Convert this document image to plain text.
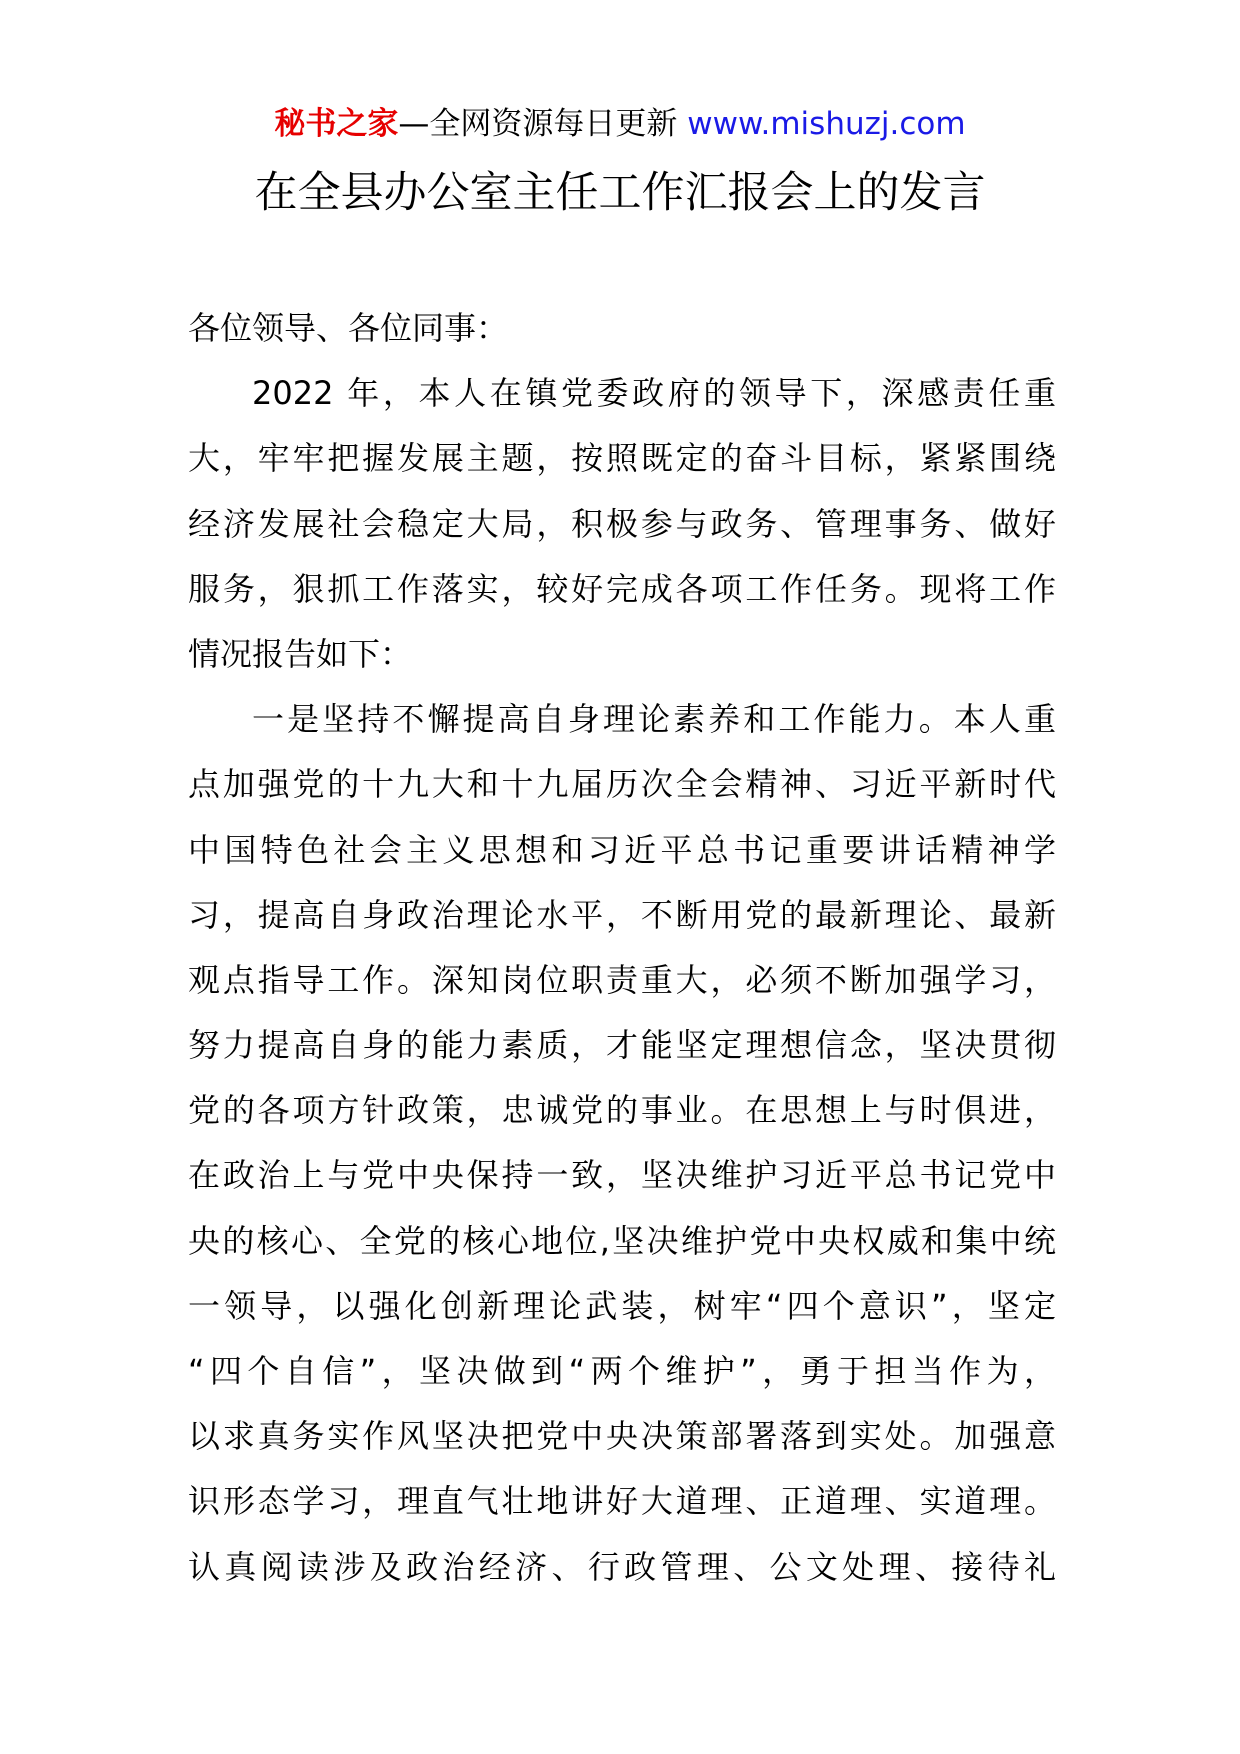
秘书之家—全网资源每日更新 www.mishuzj.com
在全县办公室主任工作汇报会上的发言
各位领导、各位同事：
2022 年，本人在镇党委政府的领导下，深感责任重
大，牢牢把握发展主题，按照既定的奋斗目标，紧紧围绕
经济发展社会稳定大局，积极参与政务、管理事务、做好
服务，狠抓工作落实，较好完成各项工作任务。现将工作
情况报告如下：
一是坚持不懈提高自身理论素养和工作能力。本人重
点加强党的十九大和十九届历次全会精神、习近平新时代
中国特色社会主义思想和习近平总书记重要讲话精神学
习，提高自身政治理论水平，不断用党的最新理论、最新
观点指导工作。深知岗位职责重大，必须不断加强学习，
努力提高自身的能力素质，才能坚定理想信念，坚决贯彻
党的各项方针政策，忠诚党的事业。在思想上与时俱进，
在政治上与党中央保持一致，坚决维护习近平总书记党中
央的核心、全党的核心地位,坚决维护党中央权威和集中统
一领导，以强化创新理论武装，树牢“四个意识”，坚定
“四个自信”，坚决做到“两个维护”，勇于担当作为，
以求真务实作风坚决把党中央决策部署落到实处。加强意
识形态学习，理直气壮地讲好大道理、正道理、实道理。
认真阅读涉及政治经济、行政管理、公文处理、接待礼
